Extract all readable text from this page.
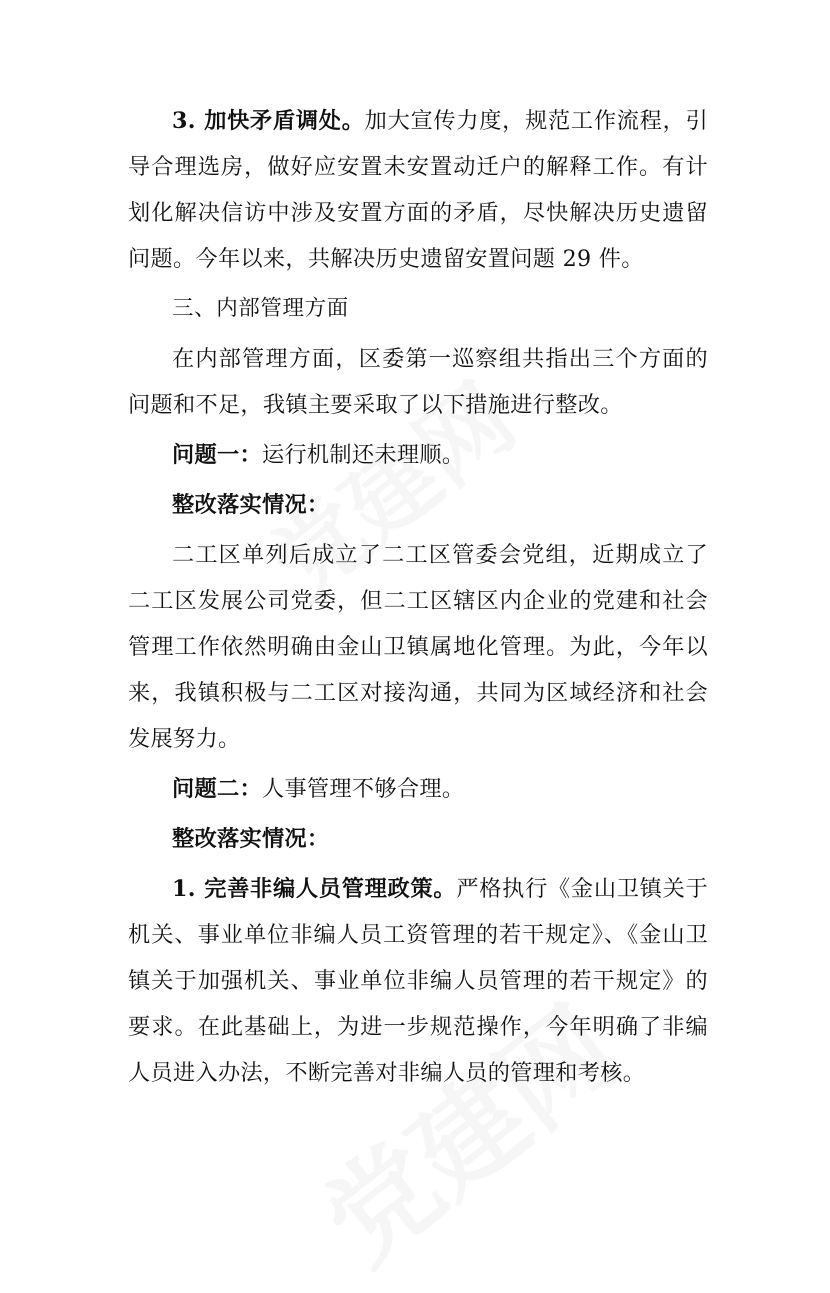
3. 加快矛盾调处。加大宣传力度，规范工作流程，引导合理选房，做好应安置未安置动迁户的解释工作。有计划化解决信访中涉及安置方面的矛盾，尽快解决历史遗留问题。今年以来，共解决历史遗留安置问题 29 件。

三、内部管理方面

在内部管理方面，区委第一巡察组共指出三个方面的问题和不足，我镇主要采取了以下措施进行整改。

问题一：运行机制还未理顺。

整改落实情况：

二工区单列后成立了二工区管委会党组，近期成立了二工区发展公司党委，但二工区辖区内企业的党建和社会管理工作依然明确由金山卫镇属地化管理。为此，今年以来，我镇积极与二工区对接沟通，共同为区域经济和社会发展努力。

问题二：人事管理不够合理。

整改落实情况：

1. 完善非编人员管理政策。严格执行《金山卫镇关于机关、事业单位非编人员工资管理的若干规定》、《金山卫镇关于加强机关、事业单位非编人员管理的若干规定》的要求。在此基础上，为进一步规范操作，今年明确了非编人员进入办法，不断完善对非编人员的管理和考核。
